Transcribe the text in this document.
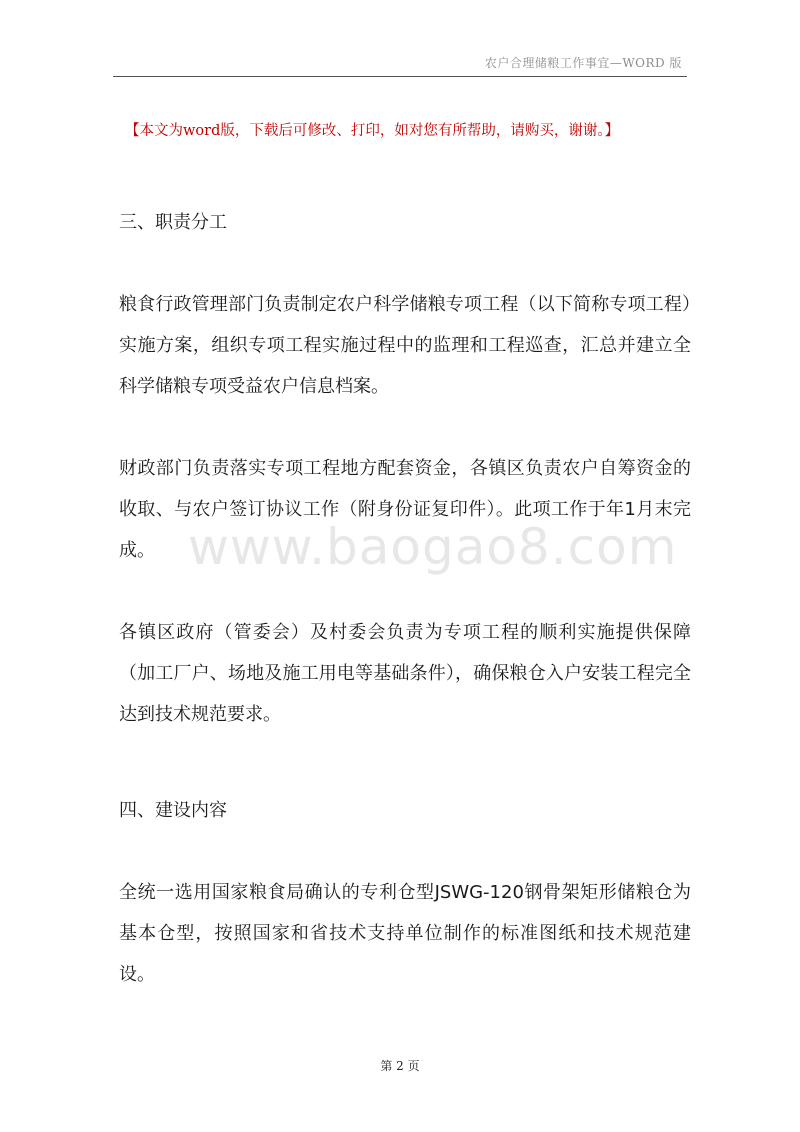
农户合理储粮工作事宜—WORD 版
【本文为word版，下载后可修改、打印，如对您有所帮助，请购买，谢谢。】

三、职责分工

粮食行政管理部门负责制定农户科学储粮专项工程（以下简称专项工程）实施方案，组织专项工程实施过程中的监理和工程巡查，汇总并建立全科学储粮专项受益农户信息档案。

财政部门负责落实专项工程地方配套资金，各镇区负责农户自筹资金的收取、与农户签订协议工作（附身份证复印件）。此项工作于年1月末完成。

各镇区政府（管委会）及村委会负责为专项工程的顺利实施提供保障（加工厂户、场地及施工用电等基础条件），确保粮仓入户安装工程完全达到技术规范要求。

四、建设内容

全统一选用国家粮食局确认的专利仓型JSWG-120钢骨架矩形储粮仓为基本仓型，按照国家和省技术支持单位制作的标准图纸和技术规范建设。

www.baogao8.com
第 2 页
